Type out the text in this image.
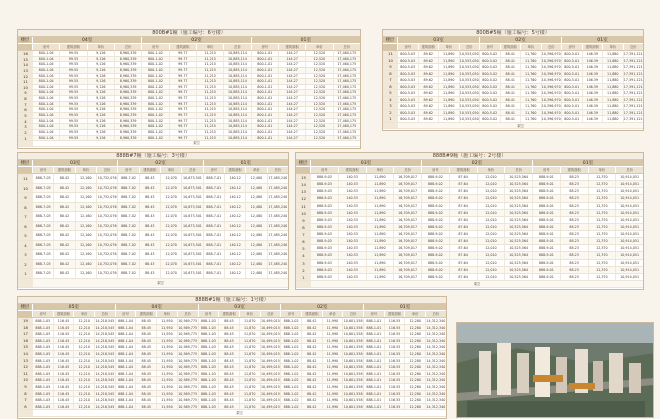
800B#1幢（施工编号：6号楼）
楼层	04室	02室	01室
房号	建筑面积	单价	总价	房号	建筑面积	单价	总价	房号	建筑面积	单价	总价
16	800-1-04	99.55	9,126	8,960,339	800-1-02	99.77	11,215	10,885,114	800-1-01	144.27	12,520	17,460,175
15	800-1-04	99.55	9,126	8,960,339	800-1-02	99.77	11,215	10,885,114	800-1-01	144.27	12,520	17,460,175
14	800-1-04	99.55	9,126	8,960,339	800-1-02	99.77	11,215	10,885,114	800-1-01	144.27	12,520	17,460,175
13	800-1-04	99.55	9,126	8,960,339	800-1-02	99.77	11,215	10,885,114	800-1-01	144.27	12,520	17,460,175
12	800-1-04	99.55	9,126	8,960,339	800-1-02	99.77	11,215	10,885,114	800-1-01	144.27	12,520	17,460,175
11	800-1-04	99.55	9,126	8,960,339	800-1-02	99.77	11,215	10,885,114	800-1-01	144.27	12,520	17,460,175
10	800-1-04	99.55	9,126	8,960,339	800-1-02	99.77	11,215	10,885,114	800-1-01	144.27	12,520	17,460,175
9	800-1-04	99.55	9,126	8,960,339	800-1-02	99.77	11,215	10,885,114	800-1-01	144.27	12,520	17,460,175
8	800-1-04	99.55	9,126	8,960,339	800-1-02	99.77	11,215	10,885,114	800-1-01	144.27	12,520	17,460,175
7	800-1-04	99.55	9,126	8,960,339	800-1-02	99.77	11,215	10,885,114	800-1-01	144.27	12,520	17,460,175
6	800-1-04	99.55	9,126	8,960,339	800-1-02	99.77	11,215	10,885,114	800-1-01	144.27	12,520	17,460,175
5	800-1-04	99.55	9,126	8,960,339	800-1-02	99.77	11,215	10,885,114	800-1-01	144.27	12,520	17,460,175
4	800-1-04	99.55	9,126	8,960,339	800-1-02	99.77	11,215	10,885,114	800-1-01	144.27	12,520	17,460,175
3	800-1-04	99.55	9,126	8,960,339	800-1-02	99.77	11,215	10,885,114	800-1-01	144.27	12,520	17,460,175
2	800-1-04	99.55	9,126	8,960,339	800-1-02	99.77	11,215	10,885,114	800-1-01	144.27	12,520	17,460,175
1	800-1-04	99.55	9,126	8,960,339	800-1-02	99.77	11,215	10,885,114	800-1-01	144.27	12,520	17,460,175
架空
800B#5幢（施工编号：5号楼）
楼层	03室	02室	01室
房号	建筑面积	单价	总价	房号	建筑面积	单价	总价	房号	建筑面积	单价	总价
11	800-5-03	89.62	11,890	10,553,050	800-5-02	88.41	11,760	10,396,970	800-5-01	146.39	11,880	17,391,121
10	800-5-03	89.62	11,890	10,553,050	800-5-02	88.41	11,760	10,396,970	800-5-01	146.39	11,880	17,391,121
9	800-5-03	89.62	11,890	10,553,050	800-5-02	88.41	11,760	10,396,970	800-5-01	146.39	11,880	17,391,121
8	800-5-03	89.62	11,890	10,553,050	800-5-02	88.41	11,760	10,396,970	800-5-01	146.39	11,880	17,391,121
7	800-5-03	89.62	11,890	10,553,050	800-5-02	88.41	11,760	10,396,970	800-5-01	146.39	11,880	17,391,121
6	800-5-03	89.62	11,890	10,553,050	800-5-02	88.41	11,760	10,396,970	800-5-01	146.39	11,880	17,391,121
5	800-5-03	89.62	11,890	10,553,050	800-5-02	88.41	11,760	10,396,970	800-5-01	146.39	11,880	17,391,121
4	800-5-03	89.62	11,890	10,553,050	800-5-02	88.41	11,760	10,396,970	800-5-01	146.39	11,880	17,391,121
3	800-5-03	89.62	11,890	10,553,050	800-5-02	88.41	11,760	10,396,970	800-5-01	146.39	11,880	17,391,121
2	800-5-03	89.62	11,890	10,553,050	800-5-02	88.41	11,760	10,396,970	800-5-01	146.39	11,880	17,391,121
1	800-5-03	89.62	11,890	10,553,050	800-5-02	88.41	11,760	10,396,970	800-5-01	146.39	11,880	17,391,121
架空
888B#7幢（施工编号：3号楼）
楼层	03室	02室	01室
房号	建筑面积	单价	总价	房号	建筑面积	单价	总价	房号	建筑面积	单价	总价
11	888-7-03	88.42	12,160	10,752,076	888-7-02	88.43	12,070	10,673,501	888-7-01	140.12	12,480	17,485,240
10	888-7-03	88.42	12,160	10,752,076	888-7-02	88.43	12,070	10,673,501	888-7-01	140.12	12,480	17,485,240
9	888-7-03	88.42	12,160	10,752,076	888-7-02	88.43	12,070	10,673,501	888-7-01	140.12	12,480	17,485,240
8	888-7-03	88.42	12,160	10,752,076	888-7-02	88.43	12,070	10,673,501	888-7-01	140.12	12,480	17,485,240
7	888-7-03	88.42	12,160	10,752,076	888-7-02	88.43	12,070	10,673,501	888-7-01	140.12	12,480	17,485,240
6	888-7-03	88.42	12,160	10,752,076	888-7-02	88.43	12,070	10,673,501	888-7-01	140.12	12,480	17,485,240
5	888-7-03	88.42	12,160	10,752,076	888-7-02	88.43	12,070	10,673,501	888-7-01	140.12	12,480	17,485,240
4	888-7-03	88.42	12,160	10,752,076	888-7-02	88.43	12,070	10,673,501	888-7-01	140.12	12,480	17,485,240
3	888-7-03	88.42	12,160	10,752,076	888-7-02	88.43	12,070	10,673,501	888-7-01	140.12	12,480	17,485,240
2	888-7-03	88.42	12,160	10,752,076	888-7-02	88.43	12,070	10,673,501	888-7-01	140.12	12,480	17,485,240
1	888-7-03	88.42	12,160	10,752,076	888-7-02	88.43	12,070	10,673,501	888-7-01	140.12	12,480	17,485,240
架空
888B#9幢（施工编号：2号楼）
楼层	03室	02室	01室
房号	建筑面积	单价	总价	房号	建筑面积	单价	总价	房号	建筑面积	单价	总价
15	888-9-03	140.53	11,890	16,709,017	888-9-02	87.64	12,010	10,525,564	888-9-01	88.23	12,370	10,914,051
14	888-9-03	140.53	11,890	16,709,017	888-9-02	87.64	12,010	10,525,564	888-9-01	88.23	12,370	10,914,051
13	888-9-03	140.53	11,890	16,709,017	888-9-02	87.64	12,010	10,525,564	888-9-01	88.23	12,370	10,914,051
12	888-9-03	140.53	11,890	16,709,017	888-9-02	87.64	12,010	10,525,564	888-9-01	88.23	12,370	10,914,051
11	888-9-03	140.53	11,890	16,709,017	888-9-02	87.64	12,010	10,525,564	888-9-01	88.23	12,370	10,914,051
10	888-9-03	140.53	11,890	16,709,017	888-9-02	87.64	12,010	10,525,564	888-9-01	88.23	12,370	10,914,051
9	888-9-03	140.53	11,890	16,709,017	888-9-02	87.64	12,010	10,525,564	888-9-01	88.23	12,370	10,914,051
8	888-9-03	140.53	11,890	16,709,017	888-9-02	87.64	12,010	10,525,564	888-9-01	88.23	12,370	10,914,051
7	888-9-03	140.53	11,890	16,709,017	888-9-02	87.64	12,010	10,525,564	888-9-01	88.23	12,370	10,914,051
6	888-9-03	140.53	11,890	16,709,017	888-9-02	87.64	12,010	10,525,564	888-9-01	88.23	12,370	10,914,051
5	888-9-03	140.53	11,890	16,709,017	888-9-02	87.64	12,010	10,525,564	888-9-01	88.23	12,370	10,914,051
4	888-9-03	140.53	11,890	16,709,017	888-9-02	87.64	12,010	10,525,564	888-9-01	88.23	12,370	10,914,051
3	888-9-03	140.53	11,890	16,709,017	888-9-02	87.64	12,010	10,525,564	888-9-01	88.23	12,370	10,914,051
2	888-9-03	140.53	11,890	16,709,017	888-9-02	87.64	12,010	10,525,564	888-9-01	88.23	12,370	10,914,051
1	888-9-03	140.53	11,890	16,709,017	888-9-02	87.64	12,010	10,525,564	888-9-01	88.23	12,370	10,914,051
架空
888B#1幢（施工编号：1号楼）
楼层	05室	04室	03室	02室	01室
房号	建筑面积	单价	总价	房号	建筑面积	单价	总价	房号	建筑面积	单价	总价	房号	建筑面积	单价	总价	房号	建筑面积	单价	总价
19	888-1-05	116.45	12,210	14,218,545	888-1-04	88.45	11,950	10,569,775	888-1-03	88.45	11,870	10,499,015	888-1-02	88.42	11,990	10,601,558	888-1-01	116.55	12,280	14,312,340
18	888-1-05	116.45	12,210	14,218,545	888-1-04	88.45	11,950	10,569,775	888-1-03	88.45	11,870	10,499,015	888-1-02	88.42	11,990	10,601,558	888-1-01	116.55	12,280	14,312,340
17	888-1-05	116.45	12,210	14,218,545	888-1-04	88.45	11,950	10,569,775	888-1-03	88.45	11,870	10,499,015	888-1-02	88.42	11,990	10,601,558	888-1-01	116.55	12,280	14,312,340
16	888-1-05	116.45	12,210	14,218,545	888-1-04	88.45	11,950	10,569,775	888-1-03	88.45	11,870	10,499,015	888-1-02	88.42	11,990	10,601,558	888-1-01	116.55	12,280	14,312,340
15	888-1-05	116.45	12,210	14,218,545	888-1-04	88.45	11,950	10,569,775	888-1-03	88.45	11,870	10,499,015	888-1-02	88.42	11,990	10,601,558	888-1-01	116.55	12,280	14,312,340
14	888-1-05	116.45	12,210	14,218,545	888-1-04	88.45	11,950	10,569,775	888-1-03	88.45	11,870	10,499,015	888-1-02	88.42	11,990	10,601,558	888-1-01	116.55	12,280	14,312,340
13	888-1-05	116.45	12,210	14,218,545	888-1-04	88.45	11,950	10,569,775	888-1-03	88.45	11,870	10,499,015	888-1-02	88.42	11,990	10,601,558	888-1-01	116.55	12,280	14,312,340
12	888-1-05	116.45	12,210	14,218,545	888-1-04	88.45	11,950	10,569,775	888-1-03	88.45	11,870	10,499,015	888-1-02	88.42	11,990	10,601,558	888-1-01	116.55	12,280	14,312,340
11	888-1-05	116.45	12,210	14,218,545	888-1-04	88.45	11,950	10,569,775	888-1-03	88.45	11,870	10,499,015	888-1-02	88.42	11,990	10,601,558	888-1-01	116.55	12,280	14,312,340
10	888-1-05	116.45	12,210	14,218,545	888-1-04	88.45	11,950	10,569,775	888-1-03	88.45	11,870	10,499,015	888-1-02	88.42	11,990	10,601,558	888-1-01	116.55	12,280	14,312,340
9	888-1-05	116.45	12,210	14,218,545	888-1-04	88.45	11,950	10,569,775	888-1-03	88.45	11,870	10,499,015	888-1-02	88.42	11,990	10,601,558	888-1-01	116.55	12,280	14,312,340
8	888-1-05	116.45	12,210	14,218,545	888-1-04	88.45	11,950	10,569,775	888-1-03	88.45	11,870	10,499,015	888-1-02	88.42	11,990	10,601,558	888-1-01	116.55	12,280	14,312,340
7	888-1-05	116.45	12,210	14,218,545	888-1-04	88.45	11,950	10,569,775	888-1-03	88.45	11,870	10,499,015	888-1-02	88.42	11,990	10,601,558	888-1-01	116.55	12,280	14,312,340
6	888-1-05	116.45	12,210	14,218,545	888-1-04	88.45	11,950	10,569,775	888-1-03	88.45	11,870	10,499,015	888-1-02	88.42	11,990	10,601,558	888-1-01	116.55	12,280	14,312,340
架空
